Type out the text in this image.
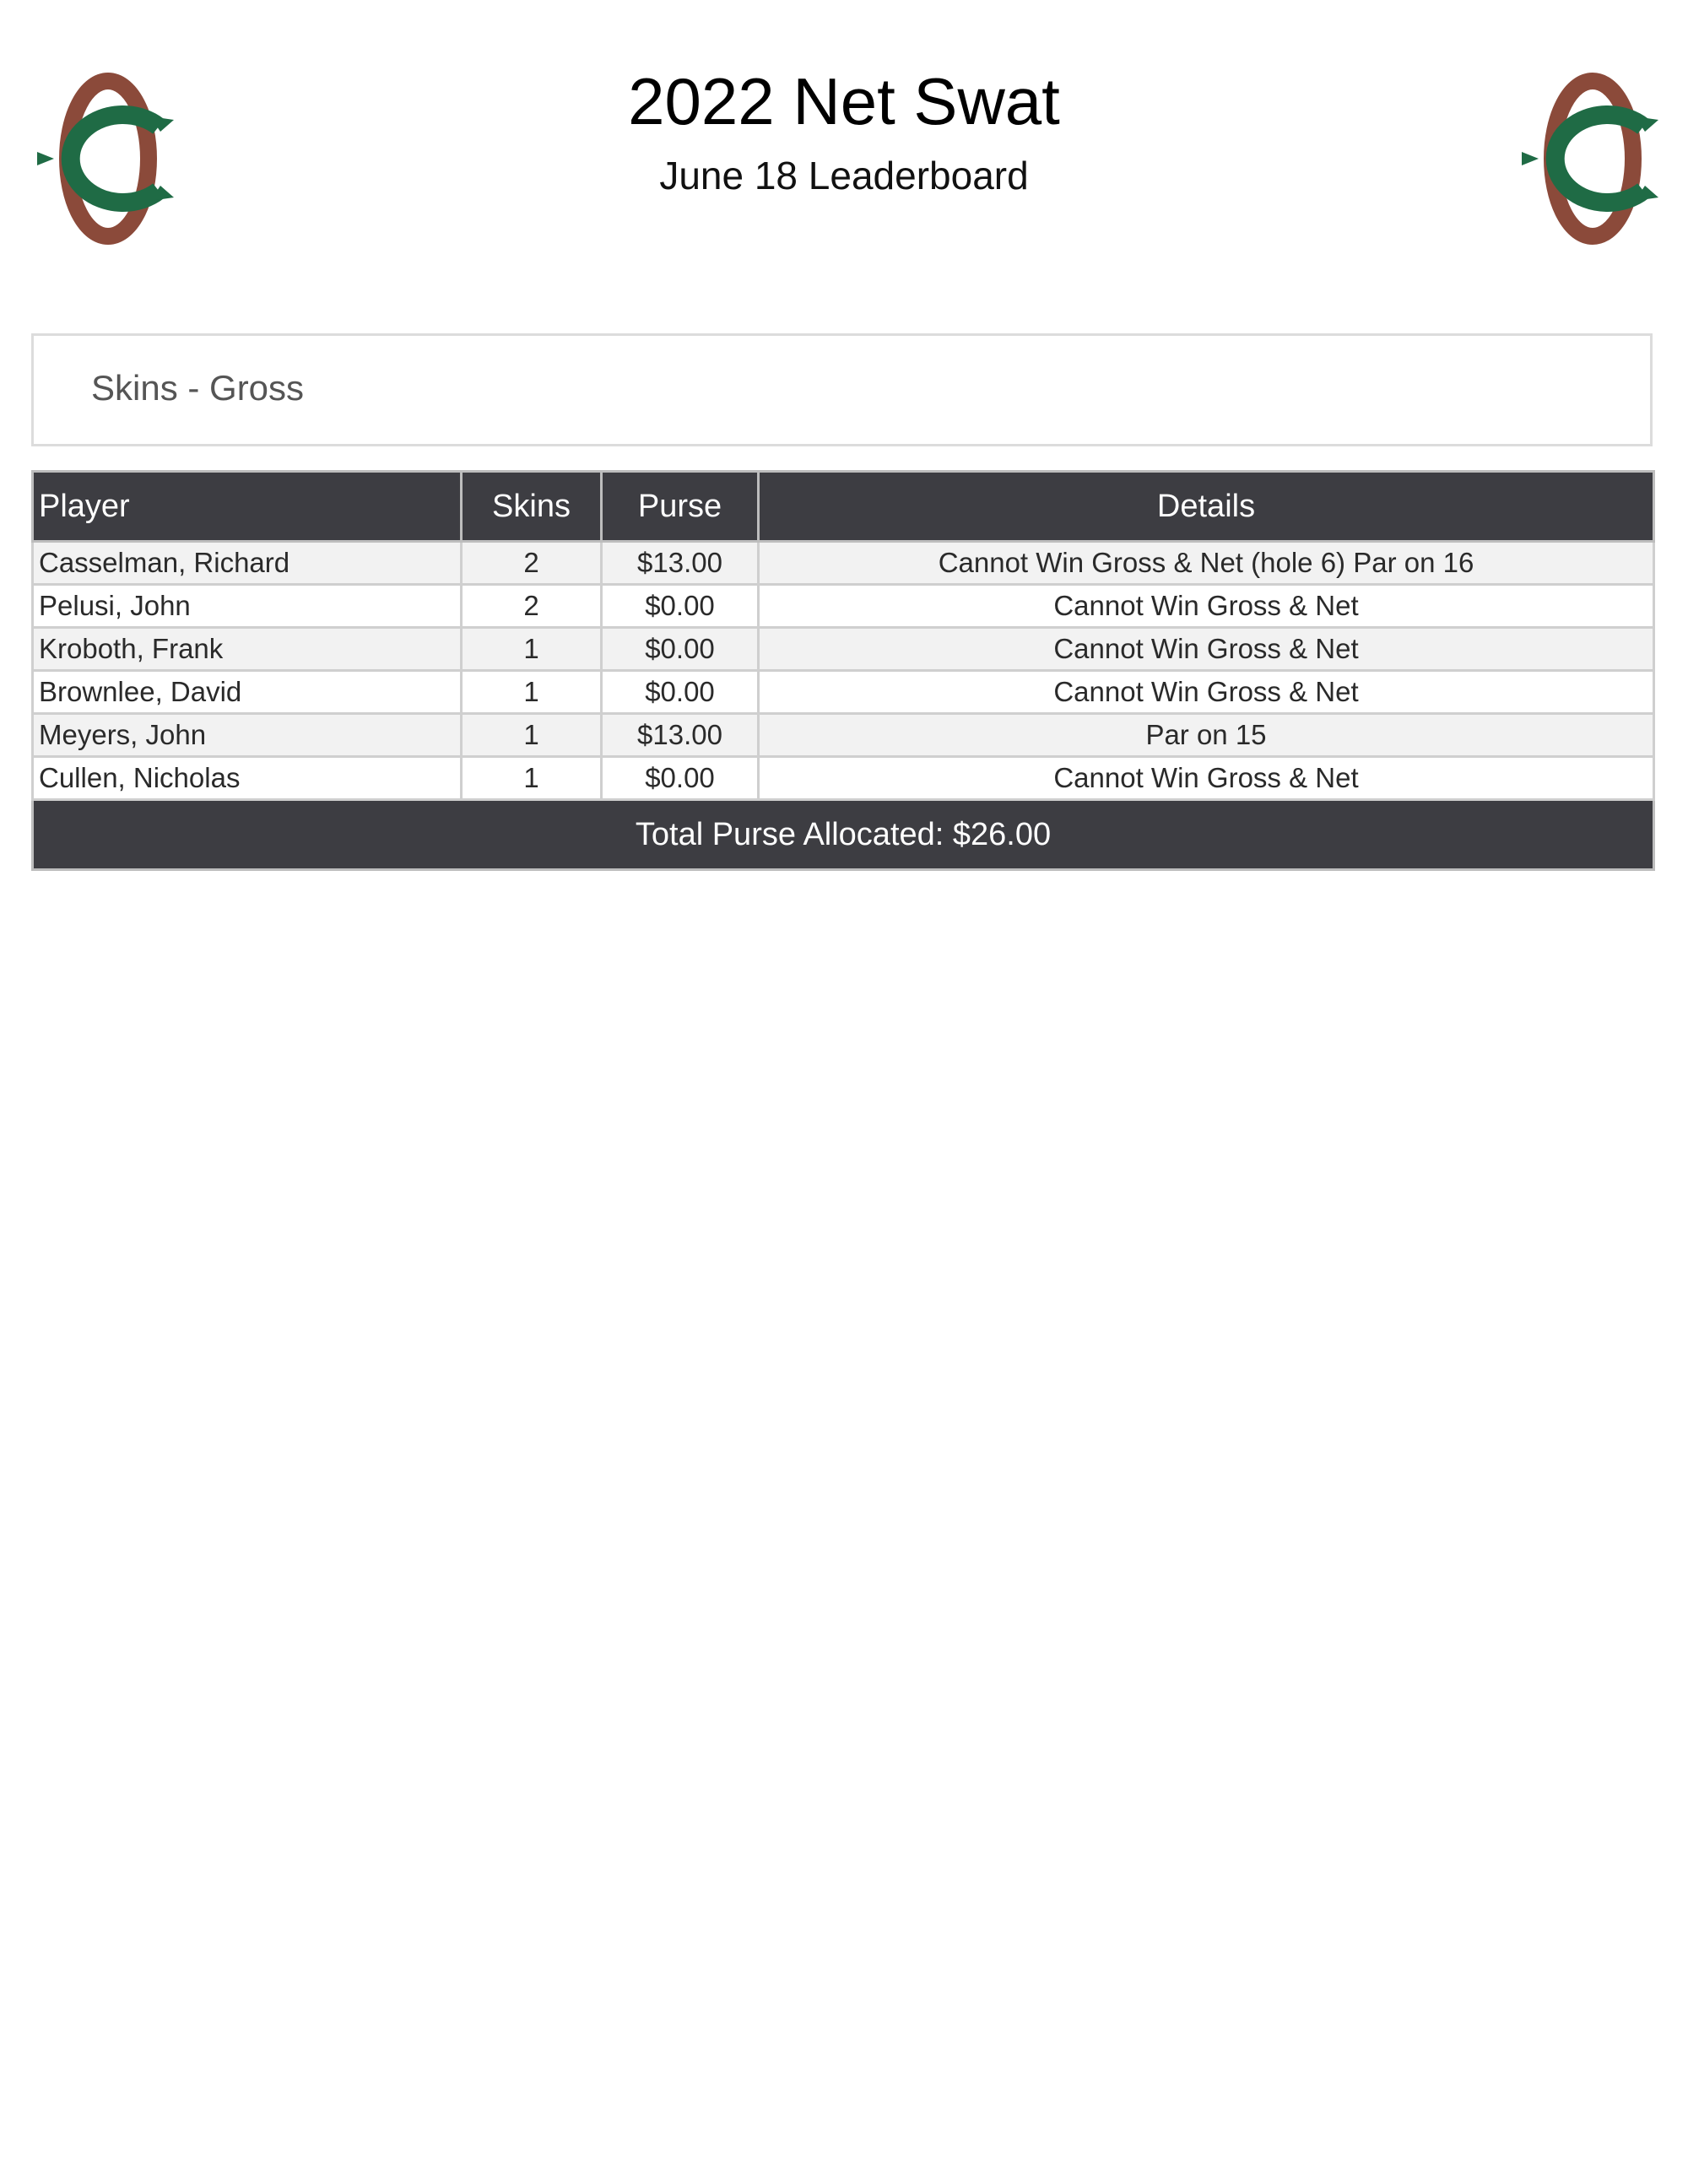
2022 Net Swat
June 18 Leaderboard
Skins - Gross
Player	Skins	Purse	Details
Casselman, Richard	2	$13.00	Cannot Win Gross & Net (hole 6) Par on 16
Pelusi, John	2	$0.00	Cannot Win Gross & Net
Kroboth, Frank	1	$0.00	Cannot Win Gross & Net
Brownlee, David	1	$0.00	Cannot Win Gross & Net
Meyers, John	1	$13.00	Par on 15
Cullen, Nicholas	1	$0.00	Cannot Win Gross & Net
Total Purse Allocated: $26.00			
